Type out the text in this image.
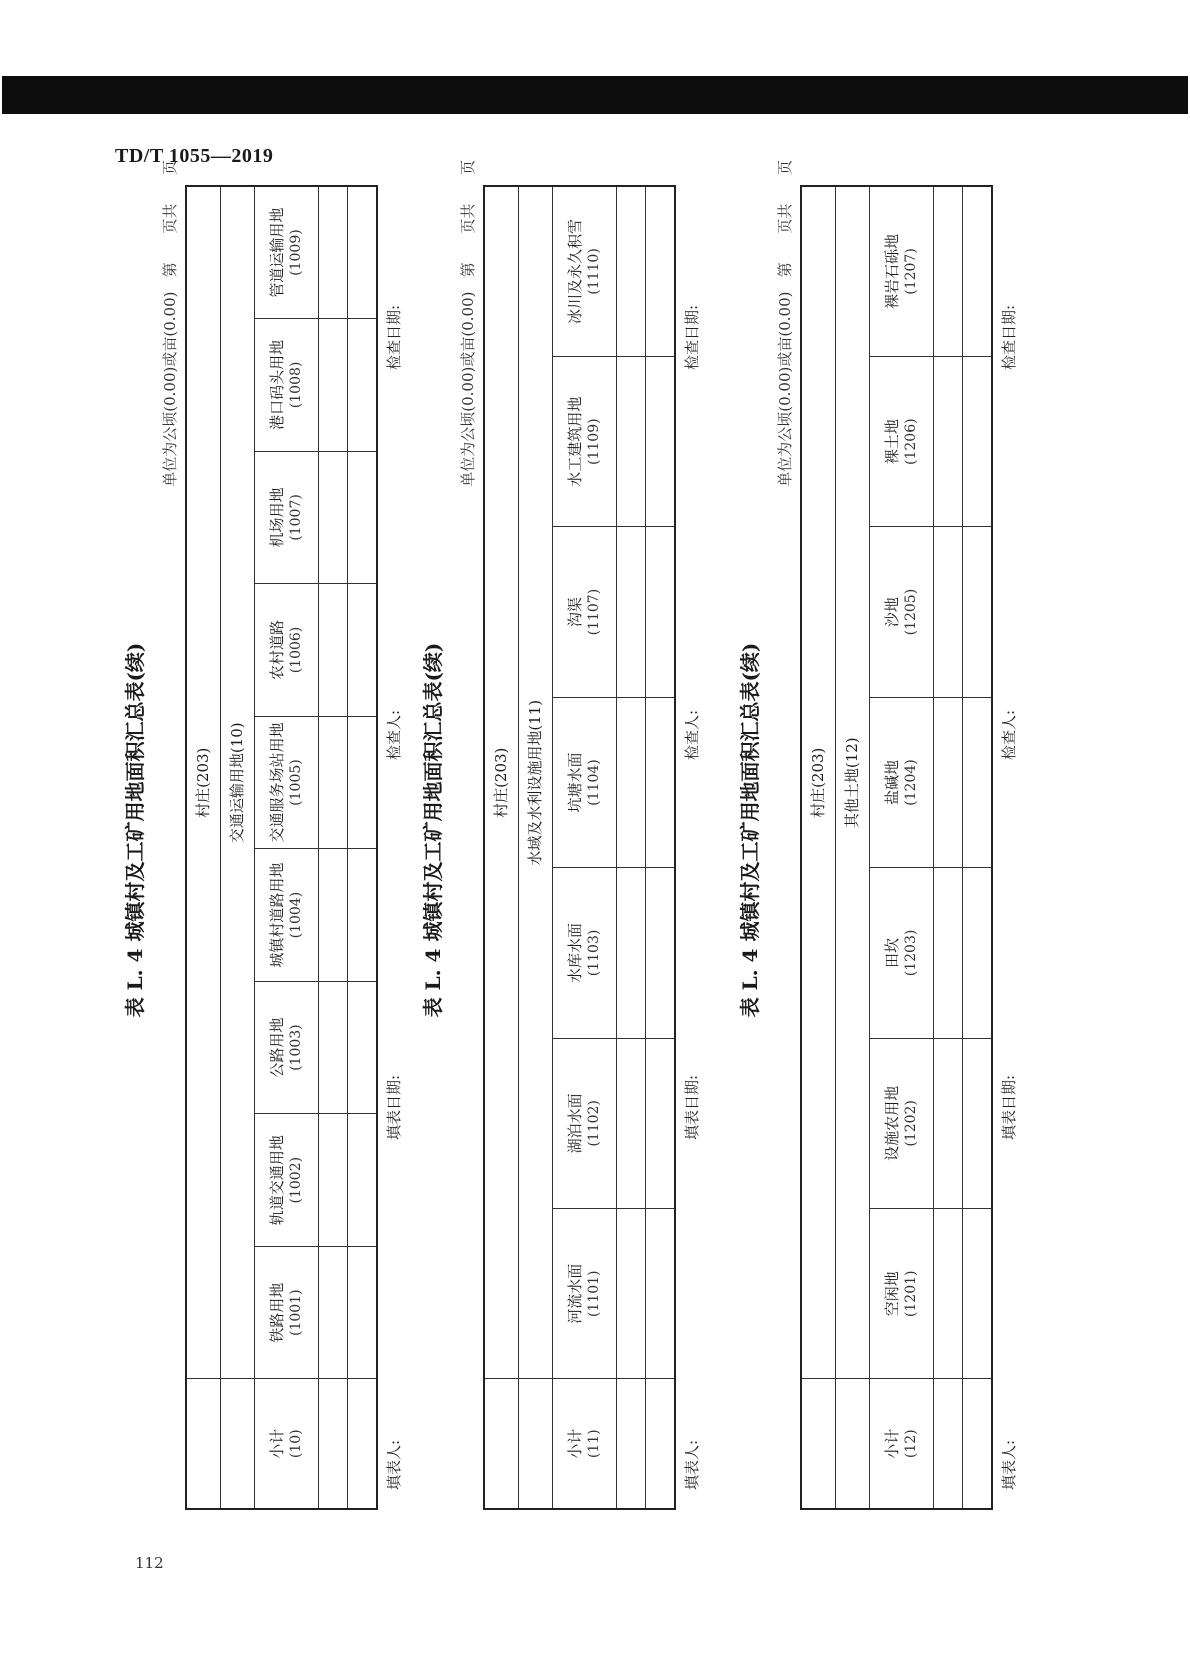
TD/T 1055—2019
112
表 L. 4 城镇村及工矿用地面积汇总表(续)
单位为公顷(0.00)或亩(0.00)   第      页共      页
	村庄(203)								
	交通运输用地(10)								
小计 (10)	铁路用地 (1001)	轨道交通用地 (1002)	公路用地 (1003)	城镇村道路用地 (1004)	交通服务场站用地 (1005)	农村道路 (1006)	机场用地 (1007)	港口码头用地 (1008)	管道运输用地 (1009)

填表人:
填表日期:
检查人:
检查日期:
表 L. 4 城镇村及工矿用地面积汇总表(续)
单位为公顷(0.00)或亩(0.00)   第      页共      页
	村庄(203)						
	水域及水利设施用地(11)						
小计 (11)	河流水面 (1101)	湖泊水面 (1102)	水库水面 (1103)	坑塘水面 (1104)	沟渠 (1107)	水工建筑用地 (1109)	冰川及永久积雪 (1110)

填表人:
填表日期:
检查人:
检查日期:
表 L. 4 城镇村及工矿用地面积汇总表(续)
单位为公顷(0.00)或亩(0.00)   第      页共      页
	村庄(203)						
	其他土地(12)						
小计 (12)	空闲地 (1201)	设施农用地 (1202)	田坎 (1203)	盐碱地 (1204)	沙地 (1205)	裸土地 (1206)	裸岩石砾地 (1207)

填表人:
填表日期:
检查人:
检查日期:
